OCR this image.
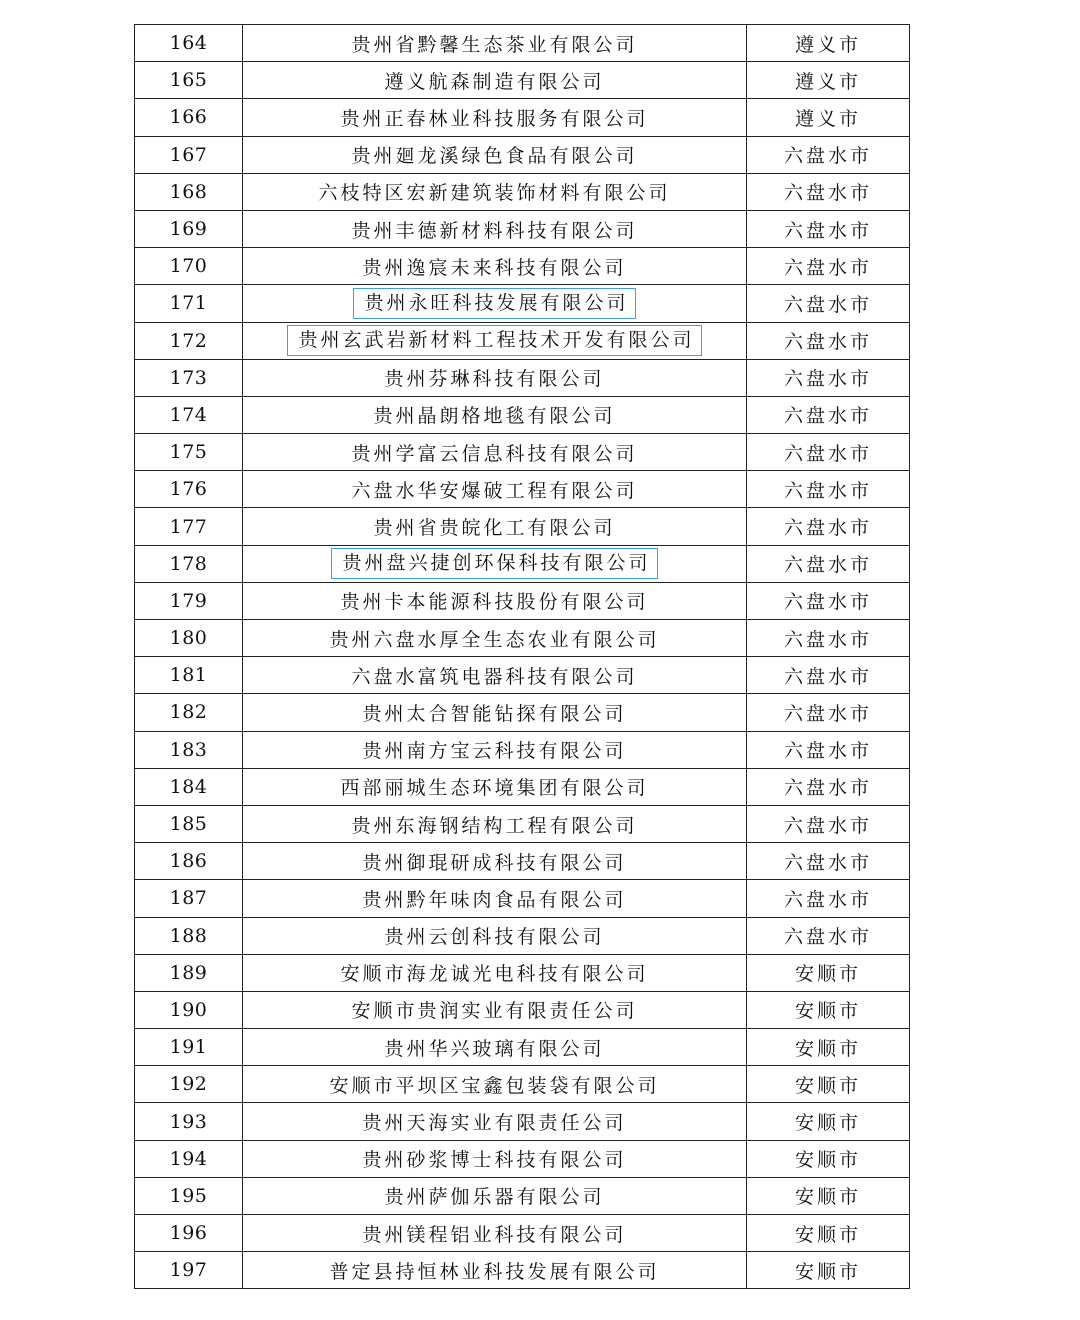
164	贵州省黔馨生态茶业有限公司	遵义市
165	遵义航森制造有限公司	遵义市
166	贵州正春林业科技服务有限公司	遵义市
167	贵州廻龙溪绿色食品有限公司	六盘水市
168	六枝特区宏新建筑装饰材料有限公司	六盘水市
169	贵州丰德新材料科技有限公司	六盘水市
170	贵州逸宸未来科技有限公司	六盘水市
171	贵州永旺科技发展有限公司	六盘水市
172	贵州玄武岩新材料工程技术开发有限公司	六盘水市
173	贵州芬琳科技有限公司	六盘水市
174	贵州晶朗格地毯有限公司	六盘水市
175	贵州学富云信息科技有限公司	六盘水市
176	六盘水华安爆破工程有限公司	六盘水市
177	贵州省贵皖化工有限公司	六盘水市
178	贵州盘兴捷创环保科技有限公司	六盘水市
179	贵州卡本能源科技股份有限公司	六盘水市
180	贵州六盘水厚全生态农业有限公司	六盘水市
181	六盘水富筑电器科技有限公司	六盘水市
182	贵州太合智能钻探有限公司	六盘水市
183	贵州南方宝云科技有限公司	六盘水市
184	西部丽城生态环境集团有限公司	六盘水市
185	贵州东海钢结构工程有限公司	六盘水市
186	贵州御琨研成科技有限公司	六盘水市
187	贵州黔年味肉食品有限公司	六盘水市
188	贵州云创科技有限公司	六盘水市
189	安顺市海龙诚光电科技有限公司	安顺市
190	安顺市贵润实业有限责任公司	安顺市
191	贵州华兴玻璃有限公司	安顺市
192	安顺市平坝区宝鑫包装袋有限公司	安顺市
193	贵州天海实业有限责任公司	安顺市
194	贵州砂浆博士科技有限公司	安顺市
195	贵州萨伽乐器有限公司	安顺市
196	贵州镁程铝业科技有限公司	安顺市
197	普定县持恒林业科技发展有限公司	安顺市
